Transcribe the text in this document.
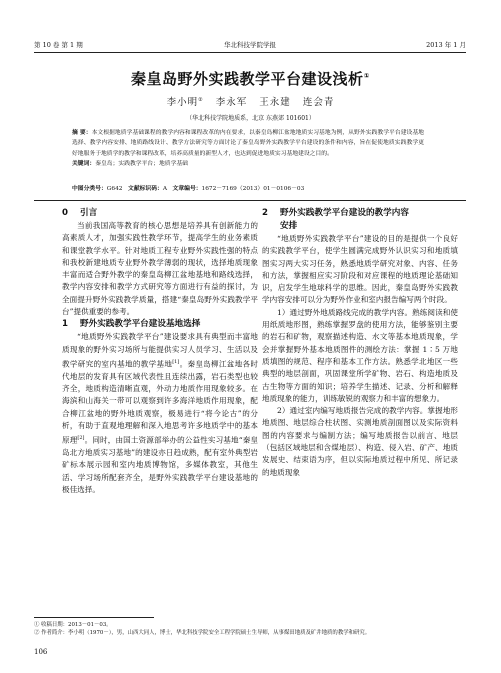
第 10 卷 第 1 期	华北科技学院学报	2013 年 1 月
秦皇岛野外实践教学平台建设浅析①
李小明②   李永军   王永建   连会青
（华北科技学院地质系，北京 东燕郊 101601）
摘 要：本文根据地质学基础课程的教学内容和课程改革的内在要求，以秦皇岛柳江盆地地质实习基地为例，从野外实践教学平台建设基地选择、教学内容安排、地质路线设计、教学方法研究等方面讨论了秦皇岛野外实践教学平台建设的条件和内容，旨在促使地质实践教学更好地服务于地质学的教学和课程改革，培养高质量的新型人才，也达到促进地质实习基地建设之目的。
关键词：秦皇岛；实践教学平台；地质学基础
中图分类号：G642 文献标识码：A 文章编号：1672－7169（2013）01－0106－03
0 引言

当前我国高等教育的核心思想是培养具有创新能力的高素质人才，加强实践性教学环节，提高学生的业务素质和课堂教学水平。针对地质工程专业野外实践性强的特点和我校新建地质专业野外教学薄弱的现状，选择地质现象丰富而适合野外教学的秦皇岛柳江盆地基地和路线选择，教学内容安排和教学方式研究等方面进行有益的探讨，为全面提升野外实践教学质量，搭建“秦皇岛野外实践教学平台”提供重要的参考。

1 野外实践教学平台建设基地选择

“地质野外实践教学平台”建设要求具有典型而丰富地质现象的野外实习场所与能提供实习人员学习、生活以及教学研究的室内基地的教学基地[1]。秦皇岛柳江盆地各时代地层的发育具有区域代表性且连续出露，岩石类型也较齐全，地质构造清晰直观，外动力地质作用现象较多。在海滨和山海关一带可以观察到许多海洋地质作用现象，配合柳江盆地的野外地质观察，极易进行“将今论古”的分析，有助于直观地理解和深入地思考许多地质学中的基本原理[2]。同时，由国土资源部举办的公益性实习基地“秦皇岛北方地质实习基地”的建设亦日趋成熟，配有室外典型岩矿标本展示园和室内地质博物馆，多媒体教室，其他生活、学习场所配套齐全，是野外实践教学平台建设基地的极佳选择。

2 野外实践教学平台建设的教学内容
安排

“地质野外实践教学平台”建设的目的是提供一个良好的实践教学平台，使学生圆满完成野外认识实习和地质填图实习两大实习任务，熟悉地质学研究对象、内容、任务和方法，掌握相应实习阶段和对应课程的地质理论基础知识，启发学生地球科学的思维。因此，秦皇岛野外实践教学内容安排可以分为野外作业和室内报告编写两个时段。

1）通过野外地质路线完成的教学内容。熟练阅读和使用纸质地形图，熟练掌握罗盘的使用方法，能够鉴别主要的岩石和矿物，观察描述构造、水文等基本地质现象，学会并掌握野外基本地质图件的测绘方法：掌握 1∶5 万地质填图的规范、程序和基本工作方法。熟悉学北地区一些典型的地层剖面，巩固课堂所学矿物、岩石、构造地质及古生物等方面的知识；培养学生描述、记录、分析和解释地质现象的能力，训练敏锐的观察力和丰富的想象力。

2）通过室内编写地质报告完成的教学内容。掌握地形地质图、地层综合柱状图、实测地质剖面图以及实际资料图的内容要求与编制方法；编写地质报告以前言、地层（包括区域地层和含煤地层）、构造、侵入岩、矿产、地质发展史、结束语为序，但以实际地质过程中所见、所记录的地质现象

① 收稿日期：2013－01－03。
② 作者简介：李小明（1970－），男，山西大同人，博士，华北科技学院安全工程学院硕士生导师，从事煤田地质及矿井地质的教学和研究。
106
